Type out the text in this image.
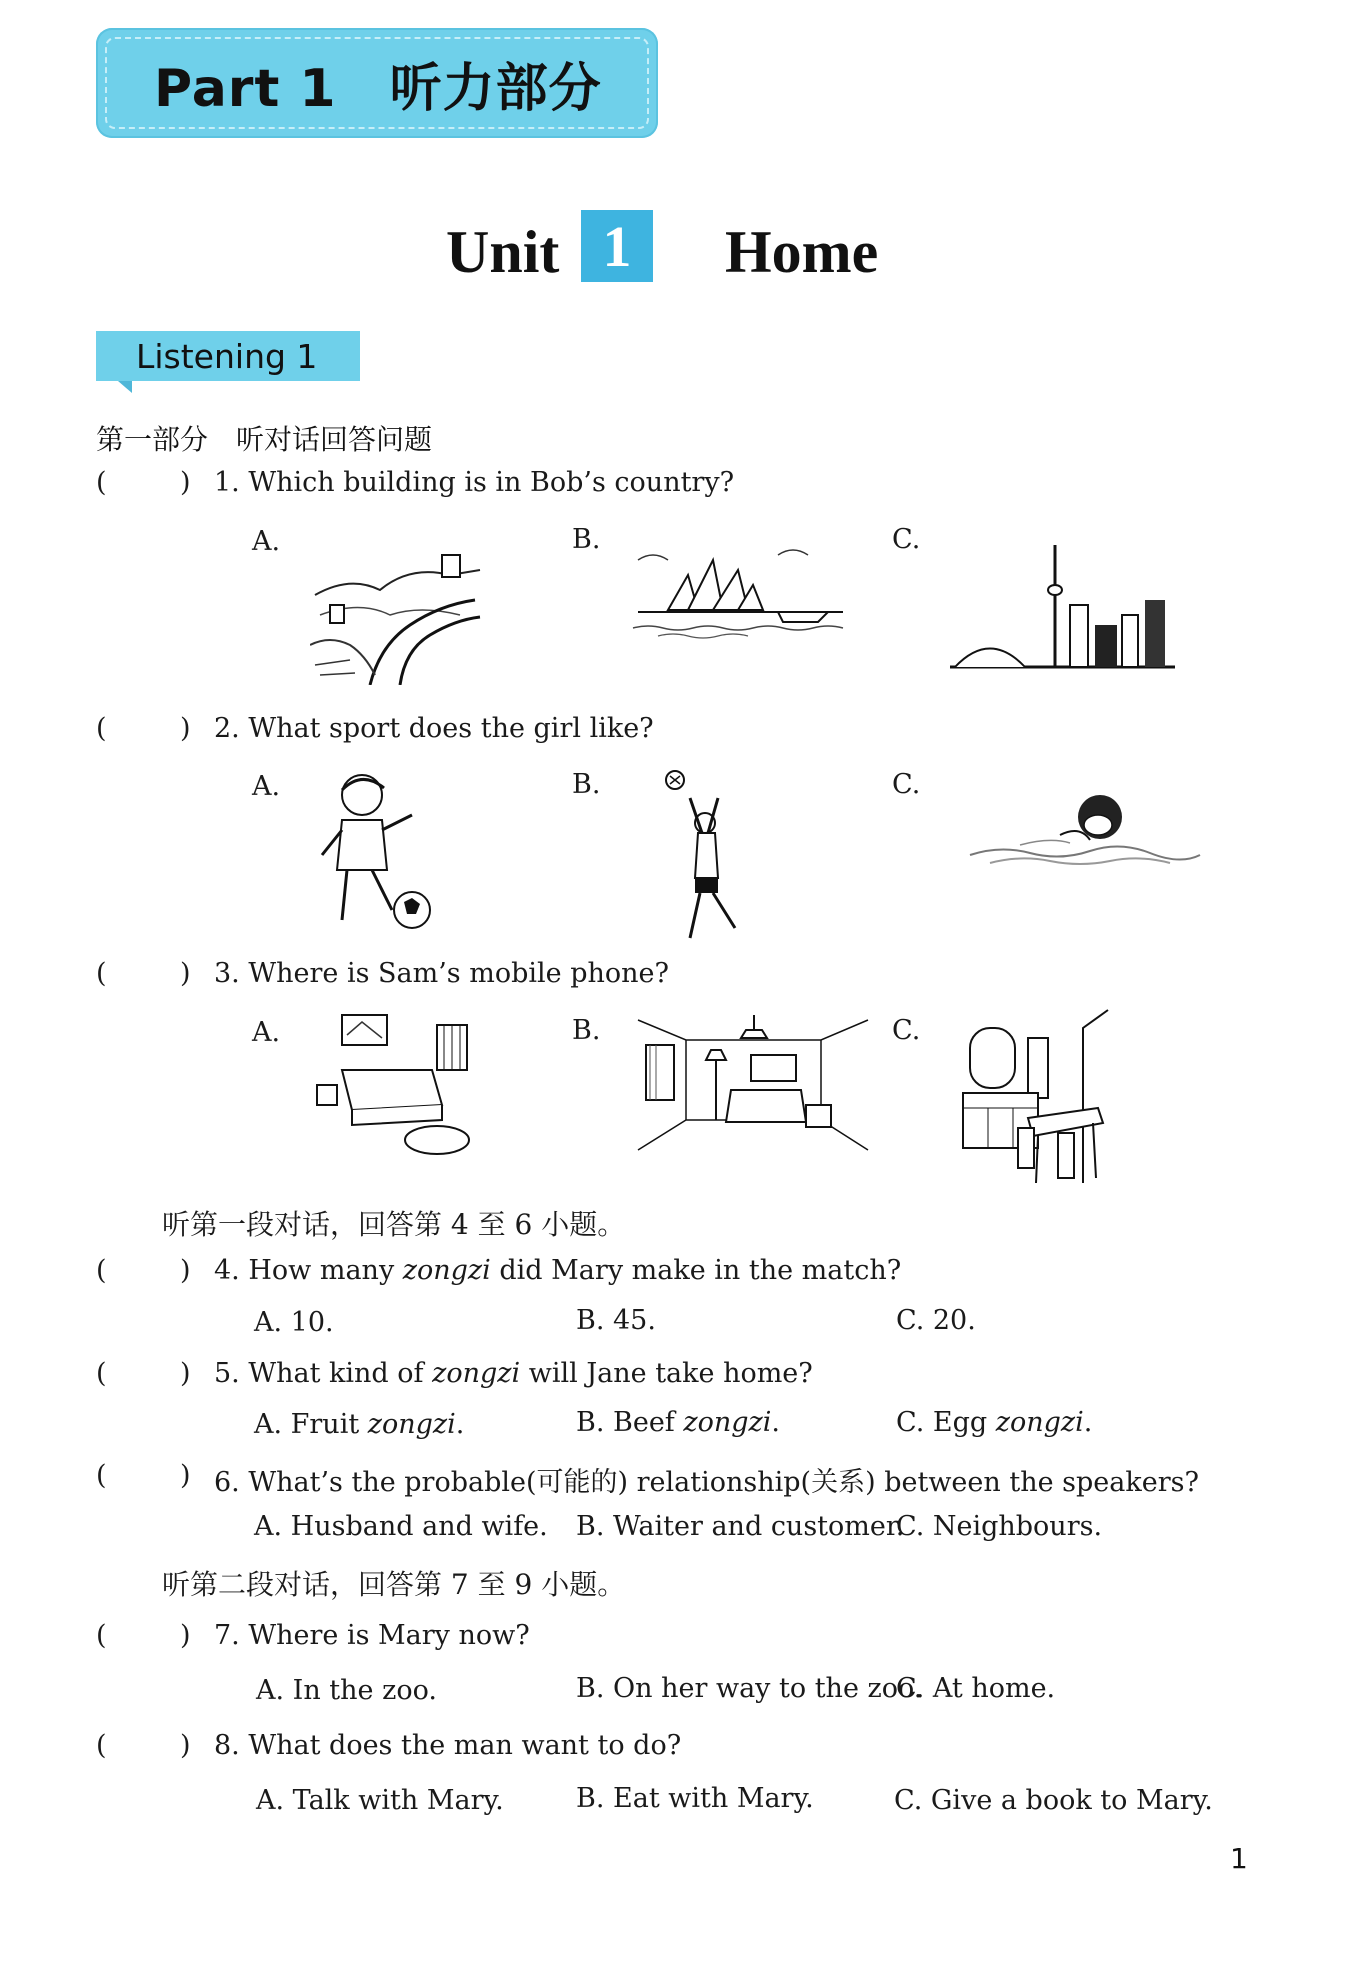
Part 1　听力部分
Unit 1	Home
Listening 1
第一部分　听对话回答问题
(	) 1. Which building is in Bob’s country?
A.	B.	C.
(	) 2. What sport does the girl like?
A.	B.	C.
(	) 3. Where is Sam’s mobile phone?
A.	B.	C.
听第一段对话，回答第 4 至 6 小题。
(	) 4. How many zongzi did Mary make in the match?
A. 10.	B. 45.	C. 20.
(	) 5. What kind of zongzi will Jane take home?
A. Fruit zongzi.	B. Beef zongzi.	C. Egg zongzi.
(	) 6. What’s the probable(可能的) relationship(关系) between the speakers?
A. Husband and wife. B. Waiter and customer.
C. Neighbours.
听第二段对话，回答第 7 至 9 小题。
(	) 7. Where is Mary now?
A. In the zoo.	B. On her way to the zoo.
C. At home.
(	) 8. What does the man want to do?
A. Talk with Mary.	B. Eat with Mary.	C. Give a book to Mary.
1
